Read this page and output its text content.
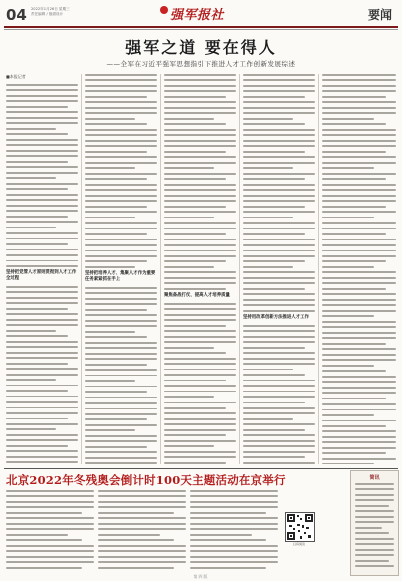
04 2022年1月26日 星期三
责任编辑 / 版面设计	强军报社	要闻
强军之道 要在得人
——全军在习近平强军思想指引下推进人才工作创新发展综述
■本报记者
坚持把党管人才原则贯彻到人才工作全过程
坚持把培养人才、集聚人才作为重要任务紧紧抓在手上
聚焦备战打仗、提高人才培养质量
坚持用改革创新方法推进人才工作
北京2022年冬残奥会倒计时100天主题活动在京举行
扫码阅读
简讯
第四版
